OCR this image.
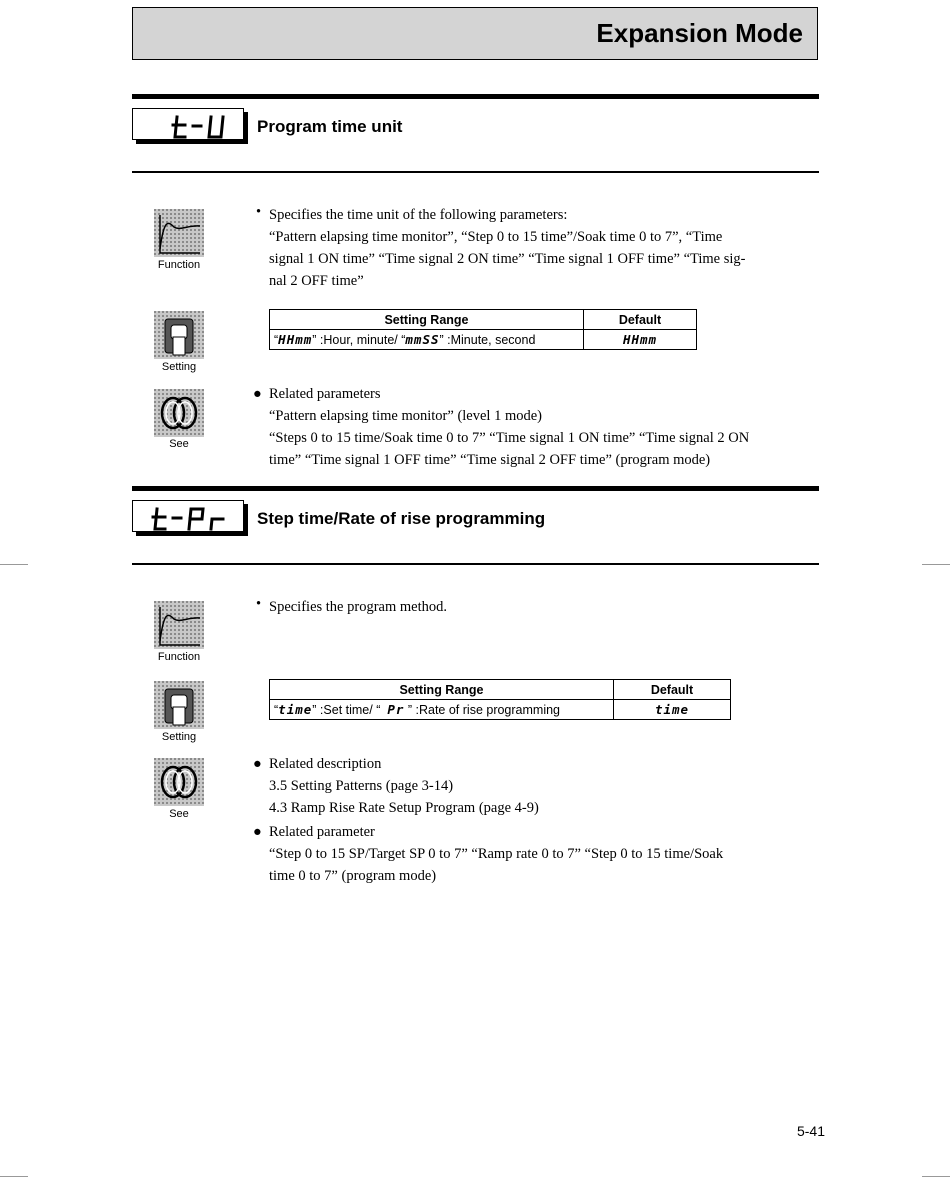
Expansion Mode
Program time unit
Function
Setting
See
• Specifies the time unit of the following parameters:
“Pattern elapsing time monitor”, “Step 0 to 15 time”/Soak time 0 to 7”, “Time
signal 1 ON time” “Time signal 2 ON time” “Time signal 1 OFF time” “Time sig-
nal 2 OFF time”
Setting Range	Default
“HHmm” :Hour, minute/ “mmSS” :Minute, second	HHmm
● Related parameters
“Pattern elapsing time monitor” (level 1 mode)
“Steps 0 to 15 time/Soak time 0 to 7” “Time signal 1 ON time” “Time signal 2 ON
time” “Time signal 1 OFF time” “Time signal 2 OFF time” (program mode)
Step time/Rate of rise programming
Function
Setting
See
• Specifies the program method.
Setting Range	Default
“time” :Set time/ “  Pr ” :Rate of rise programming	time
● Related description
3.5 Setting Patterns (page 3-14)
4.3 Ramp Rise Rate Setup Program (page 4-9)
● Related parameter
“Step 0 to 15 SP/Target SP 0 to 7” “Ramp rate 0 to 7” “Step 0 to 15 time/Soak
time 0 to 7” (program mode)
5-41
